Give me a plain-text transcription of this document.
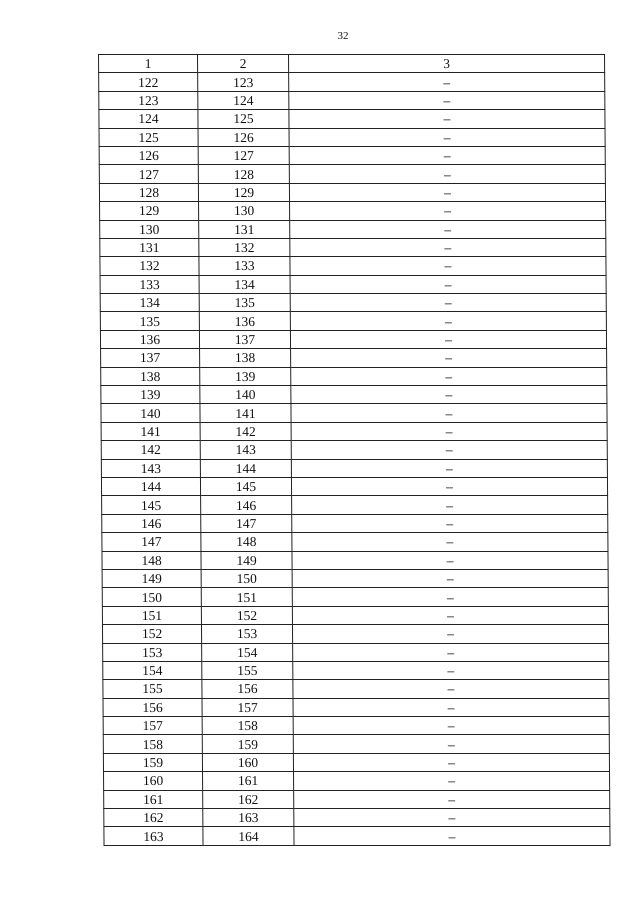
32
1	2	3
122	123	–
123	124	–
124	125	–
125	126	–
126	127	–
127	128	–
128	129	–
129	130	–
130	131	–
131	132	–
132	133	–
133	134	–
134	135	–
135	136	–
136	137	–
137	138	–
138	139	–
139	140	–
140	141	–
141	142	–
142	143	–
143	144	–
144	145	–
145	146	–
146	147	–
147	148	–
148	149	–
149	150	–
150	151	–
151	152	–
152	153	–
153	154	–
154	155	–
155	156	–
156	157	–
157	158	–
158	159	–
159	160	–
160	161	–
161	162	–
162	163	–
163	164	–
